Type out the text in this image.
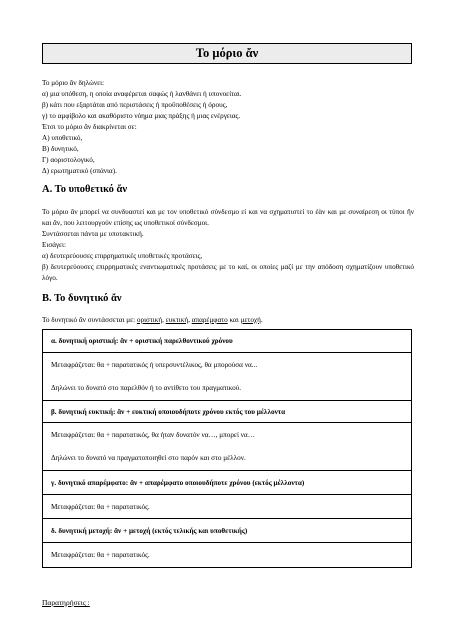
Το μόριο ἄν
Το μόριο ἄν δηλώνει:
α) μια υπόθεση, η οποία αναφέρεται σαφώς ή λανθάνει ή υπονοείται.
β) κάτι που εξαρτάται από περιστάσεις ή προϋποθέσεις ή όρους,
γ) το αμφίβολο και ακαθόριστο νόημα μιας πράξης ή μιας ενέργειας.
Έτσι το μόριο ἄν διακρίνεται σε:
Α) υποθετικό,
Β) δυνητικό,
Γ) αοριστολογικό,
Δ) ερωτηματικό (σπάνια).
Α. Το υποθετικό ἄν
Το μόριο ἄν μπορεί να συνδυαστεί και με τον υποθετικό σύνδεσμο εἰ και να σχηματιστεί το ἐὰν και με συναίρεση οι τύποι ἤν και ἄν, που λειτουργούν επίσης ως υποθετικοί σύνδεσμοι.
Συντάσσεται πάντα με υποτακτική.
Εισάγει:
α) δευτερεύουσες επιρρηματικές υποθετικές προτάσεις,
β) δευτερεύουσες επιρρηματικές εναντιωματικές προτάσεις με το καί, οι οποίες μαζί με την απόδοση σχηματίζουν υποθετικό λόγο.
Β. Το δυνητικό ἄν
Το δυνητικό ἄν συντάσσεται με: οριστική, ευκτική, απαρέμφατο και μετοχή.
α. δυνητική οριστική: ἄν + οριστική παρελθοντικού χρόνου
Μεταφράζεται: θα + παρατατικός ή υπερσυντέλικος, θα μπορούσα να...
Δηλώνει το δυνατό στο παρελθόν ή το αντίθετο του πραγματικού.
β. δυνητική ευκτική: ἄν + ευκτική οποιουδήποτε χρόνου εκτός του μέλλοντα
Μεταφράζεται: θα + παρατατικός, θα ήταν δυνατόν να…, μπορεί να…
Δηλώνει το δυνατό να πραγματοποιηθεί στο παρόν και στο μέλλον.
γ. δυνητικό απαρέμφατο: ἄν + απαρέμφατο οποιουδήποτε χρόνου (εκτός μέλλοντα)
Μεταφράζεται: θα + παρατατικός.
δ. δυνητική μετοχή: ἄν + μετοχή (εκτός τελικής και υποθετικής)
Μεταφράζεται: θα + παρατατικός.
Παρατηρήσεις :
